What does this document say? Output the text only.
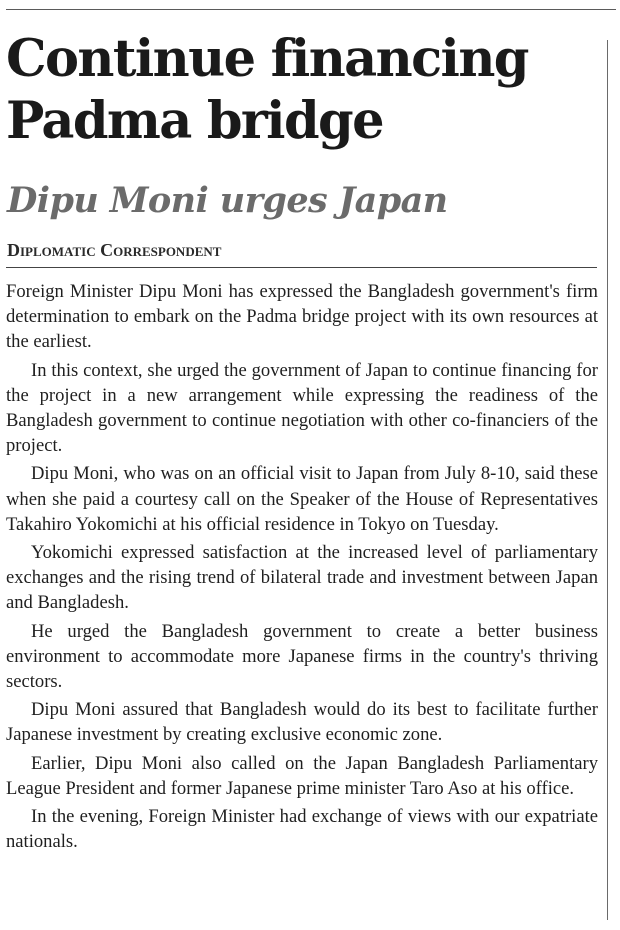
Continue financing Padma bridge
Dipu Moni urges Japan
Diplomatic Correspondent

Foreign Minister Dipu Moni has expressed the Bangladesh government's firm determination to embark on the Padma bridge project with its own resources at the earliest.

In this context, she urged the government of Japan to continue financing for the project in a new arrangement while expressing the readiness of the Bangladesh government to continue negotiation with other co-financiers of the project.

Dipu Moni, who was on an official visit to Japan from July 8-10, said these when she paid a courtesy call on the Speaker of the House of Representatives Takahiro Yokomichi at his official residence in Tokyo on Tuesday.

Yokomichi expressed satisfaction at the increased level of parliamentary exchanges and the rising trend of bilateral trade and investment between Japan and Bangladesh.

He urged the Bangladesh government to create a better business environment to accommodate more Japanese firms in the country's thriving sectors.

Dipu Moni assured that Bangladesh would do its best to facilitate further Japanese investment by creating exclusive economic zone.

Earlier, Dipu Moni also called on the Japan Bangladesh Parliamentary League President and former Japanese prime minister Taro Aso at his office.

In the evening, Foreign Minister had exchange of views with our expatriate nationals.
